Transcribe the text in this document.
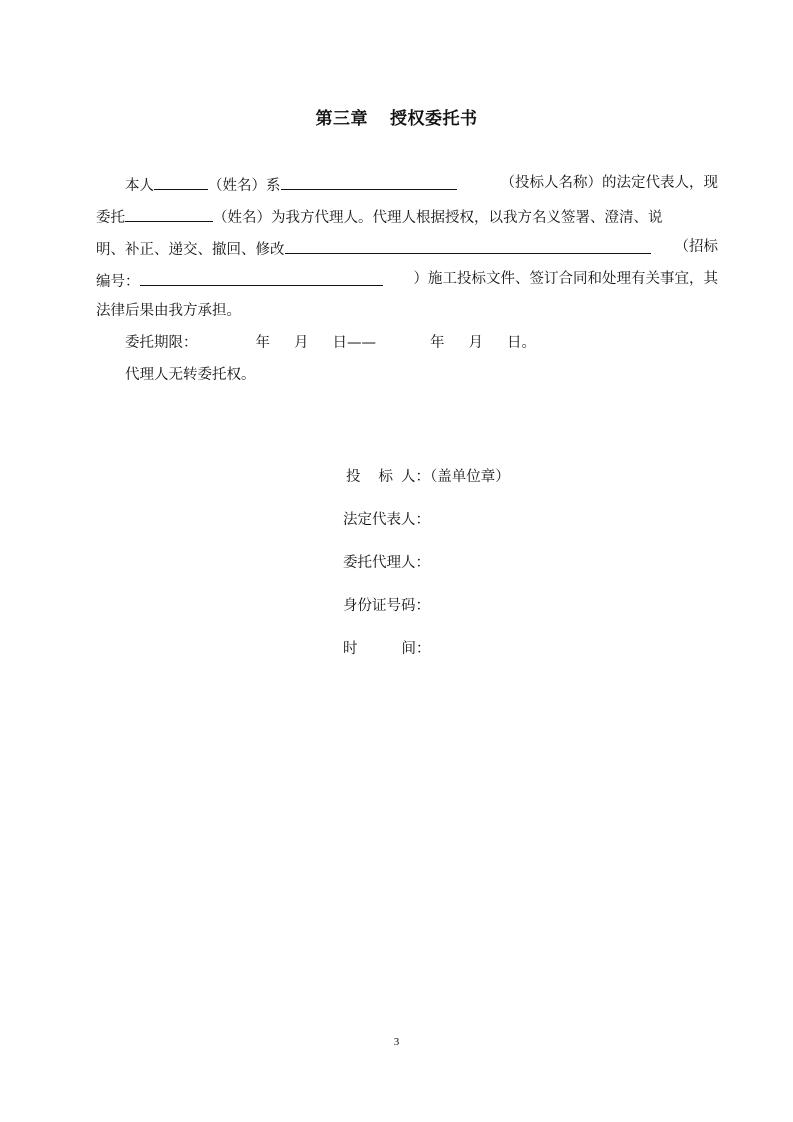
第三章 授权委托书
本人	（姓名）系	（投标人名称）的法定代表人，现
委托	（姓名）为我方代理人。代理人根据授权，以我方名义签署、澄清、说
明、补正、递交、撤回、修改	（招标
编号：	）施工投标文件、签订合同和处理有关事宜，其
法律后果由我方承担。
委托期限：	年 月 日——	年 月 日。
代理人无转委托权。
投 标 人：（盖单位章）
法定代表人：
委托代理人：
身份证号码：
时	间：
3
